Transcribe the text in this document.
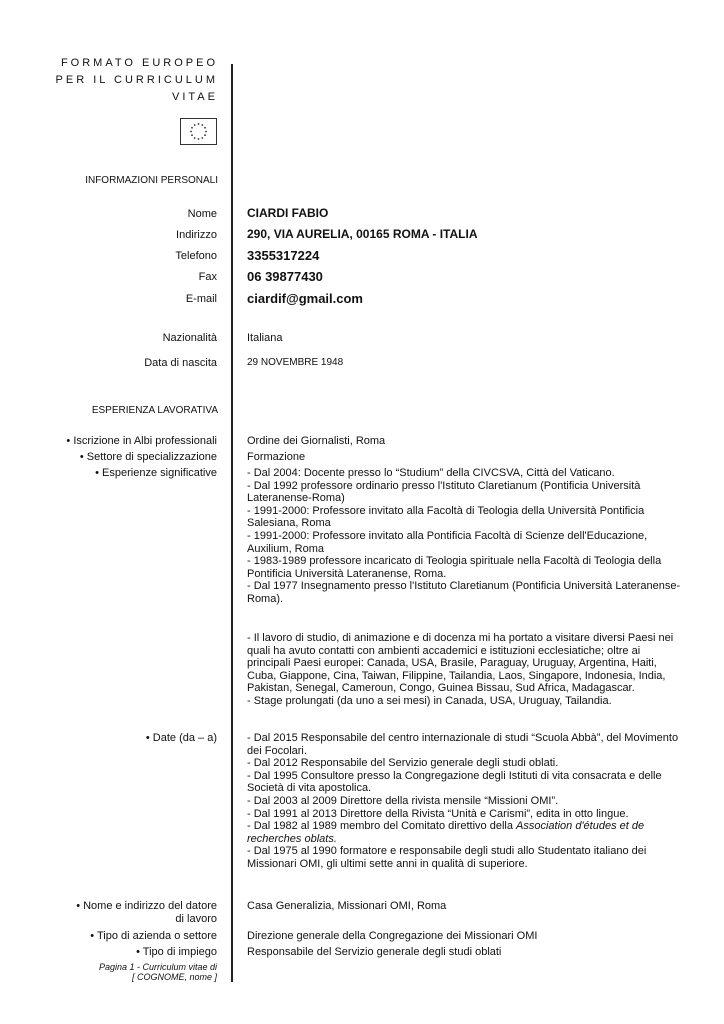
FORMATO EUROPEO
PER IL CURRICULUM
VITAE
INFORMAZIONI PERSONALI
Nome	CIARDI FABIO
Indirizzo	290, VIA AURELIA, 00165 ROMA - ITALIA
Telefono 3355317224
Fax 06 39877430
E-mail ciardif@gmail.com
Nazionalità	Italiana
Data di nascita	29 NOVEMBRE 1948
ESPERIENZA LAVORATIVA
• Iscrizione in Albi professionali	Ordine dei Giornalisti, Roma
• Settore di specializzazione	Formazione
• Esperienze significative	- Dal 2004: Docente presso lo “Studium” della CIVCSVA, Città del Vaticano.

- Dal 1992 professore ordinario presso l'Istituto Claretianum (Pontificia Università Lateranense-Roma)

- 1991-2000: Professore invitato alla Facoltà di Teologia della Università Pontificia Salesiana, Roma

- 1991-2000: Professore invitato alla Pontificia Facoltà di Scienze dell'Educazione, Auxilium, Roma

- 1983-1989 professore incaricato di Teologia spirituale nella Facoltà di Teologia della Pontificia Università Lateranense, Roma.

- Dal 1977 Insegnamento presso l'Istituto Claretianum (Pontificia Università Lateranense-Roma).

- Il lavoro di studio, di animazione e di docenza mi ha portato a visitare diversi Paesi nei quali ha avuto contatti con ambienti accademici e istituzioni ecclesiatiche; oltre ai principali Paesi europei: Canada, USA, Brasile, Paraguay, Uruguay, Argentina, Haiti, Cuba, Giappone, Cina, Taiwan, Filippine, Tailandia, Laos, Singapore, Indonesia, India, Pakistan, Senegal, Cameroun, Congo, Guinea Bissau, Sud Africa, Madagascar.

- Stage prolungati (da uno a sei mesi) in Canada, USA, Uruguay, Tailandia.

• Date (da – a)	- Dal 2015 Responsabile del centro internazionale di studi “Scuola Abbà”, del Movimento dei Focolari.

- Dal 2012 Responsabile del Servizio generale degli studi oblati.

- Dal 1995 Consultore presso la Congregazione degli Istituti di vita consacrata e delle Società di vita apostolica.

- Dal 2003 al 2009 Direttore della rivista mensile “Missioni OMI”.

- Dal 1991 al 2013 Direttore della Rivista “Unità e Carismi”, edita in otto lingue.

- Dal 1982 al 1989 membro del Comitato direttivo della Association d'études et de recherches oblats.

- Dal 1975 al 1990 formatore e responsabile degli studi allo Studentato italiano dei Missionari OMI, gli ultimi sette anni in qualità di superiore.

• Nome e indirizzo del datore di lavoro
Casa Generalizia, Missionari OMI, Roma
• Tipo di azienda o settore	Direzione generale della Congregazione dei Missionari OMI
• Tipo di impiego	Responsabile del Servizio generale degli studi oblati
Pagina 1 - Curriculum vitae di
[ COGNOME, nome ]
